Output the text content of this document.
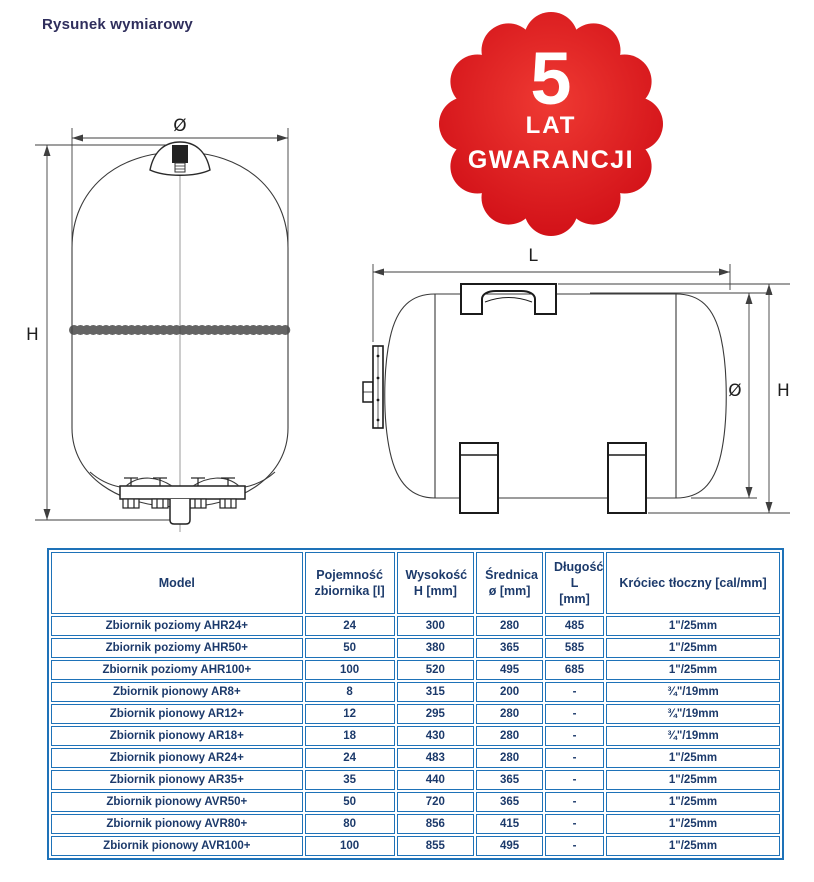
Rysunek wymiarowy
5
LAT
GWARANCJI
Ø
H
L
Ø H
Model	Pojemność zbiornika [l]	Wysokość H [mm]	Średnica ø [mm]	Długość L [mm]	Króciec tłoczny [cal/mm]
Zbiornik poziomy AHR24+	24	300	280	485	1"/25mm
Zbiornik poziomy AHR50+	50	380	365	585	1"/25mm
Zbiornik poziomy AHR100+	100	520	495	685	1"/25mm
Zbiornik pionowy AR8+	8	315	200	-	¾"/19mm
Zbiornik pionowy AR12+	12	295	280	-	¾"/19mm
Zbiornik pionowy AR18+	18	430	280	-	¾"/19mm
Zbiornik pionowy AR24+	24	483	280	-	1"/25mm
Zbiornik pionowy AR35+	35	440	365	-	1"/25mm
Zbiornik pionowy AVR50+	50	720	365	-	1"/25mm
Zbiornik pionowy AVR80+	80	856	415	-	1"/25mm
Zbiornik pionowy AVR100+	100	855	495	-	1"/25mm
